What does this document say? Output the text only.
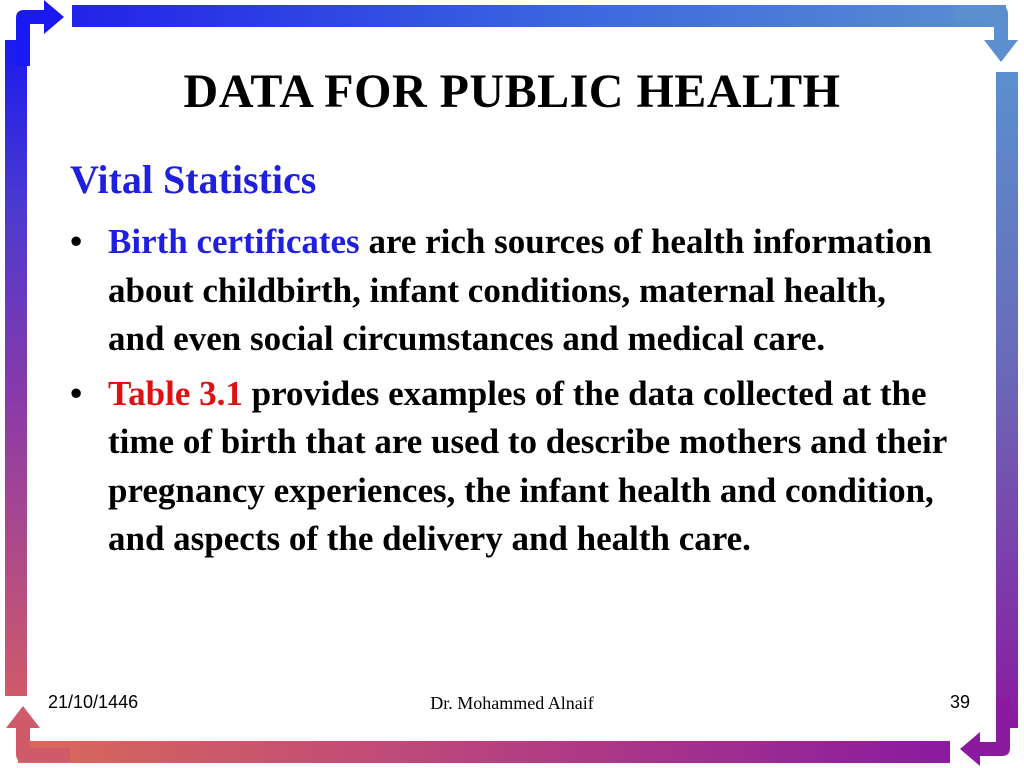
DATA FOR PUBLIC HEALTH
Vital Statistics
• Birth certificates are rich sources of health information about childbirth, infant conditions, maternal health, and even social circumstances and medical care.
• Table 3.1 provides examples of the data collected at the time of birth that are used to describe mothers and their pregnancy experiences, the infant health and condition, and aspects of the delivery and health care.
21/10/1446	Dr. Mohammed Alnaif	39
